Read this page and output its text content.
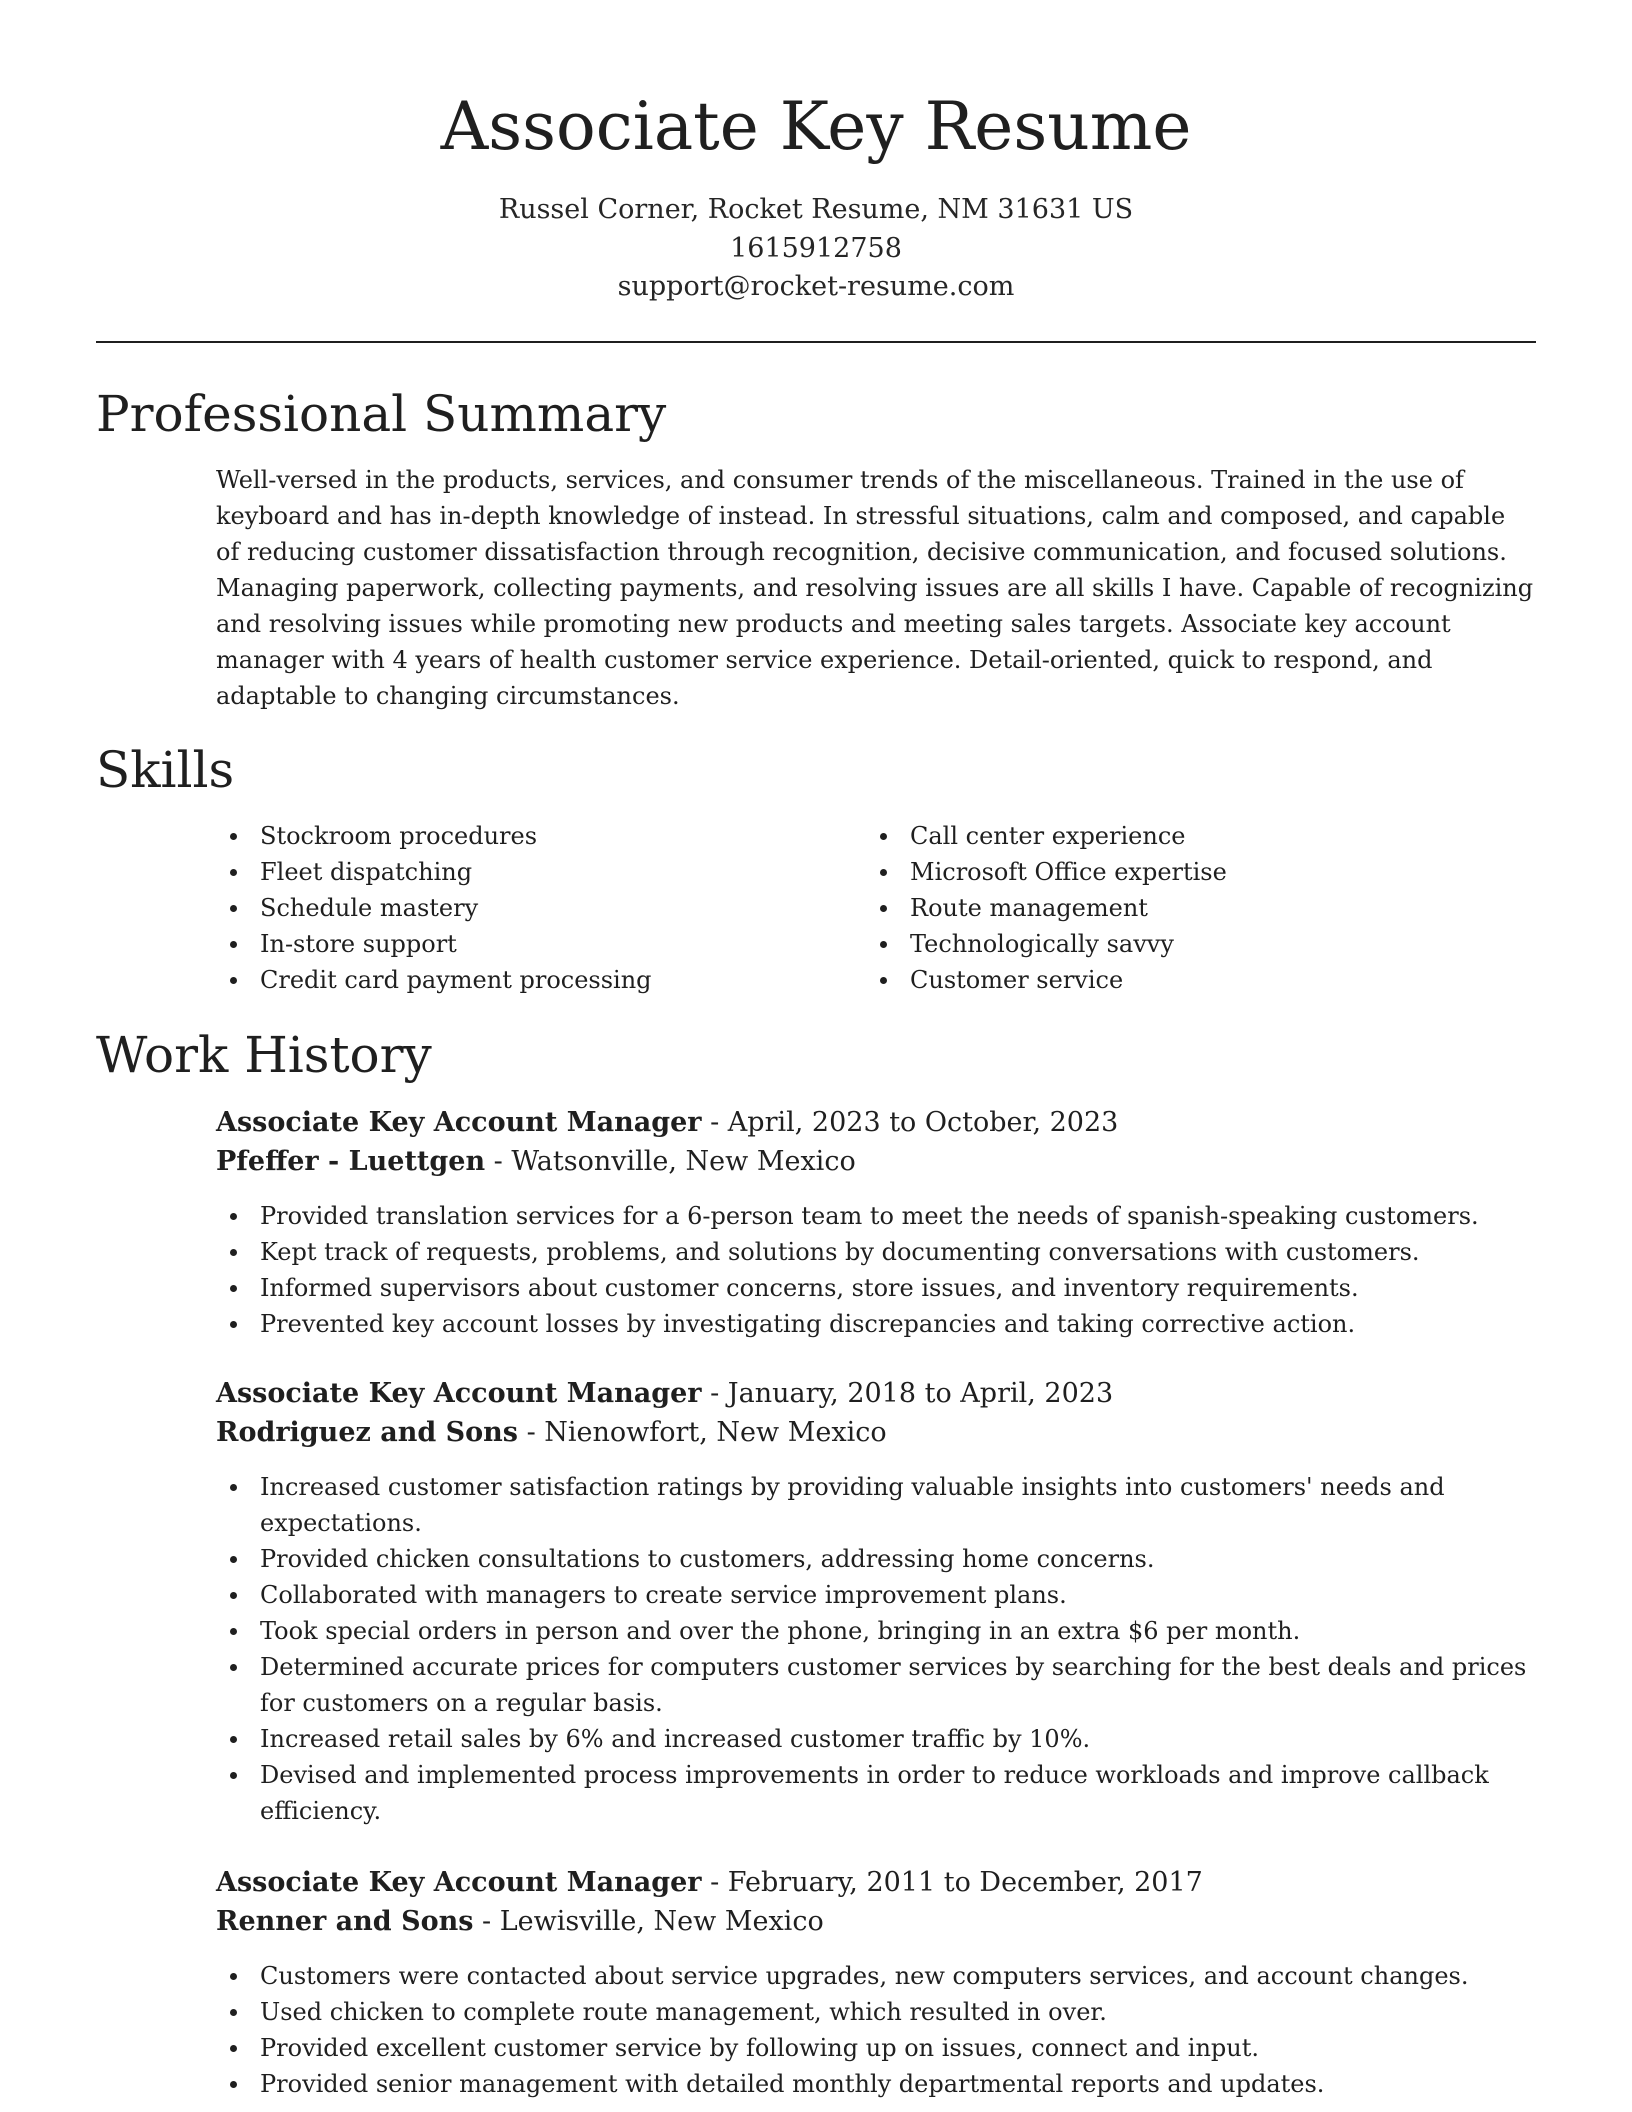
Associate Key Resume
Russel Corner, Rocket Resume, NM 31631 US
1615912758
support@rocket-resume.com
Professional Summary

Well-versed in the products, services, and consumer trends of the miscellaneous. Trained in the use of keyboard and has in-depth knowledge of instead. In stressful situations, calm and composed, and capable of reducing customer dissatisfaction through recognition, decisive communication, and focused solutions. Managing paperwork, collecting payments, and resolving issues are all skills I have. Capable of recognizing and resolving issues while promoting new products and meeting sales targets. Associate key account manager with 4 years of health customer service experience. Detail-oriented, quick to respond, and adaptable to changing circumstances.

Skills
Stockroom procedures
Fleet dispatching
Schedule mastery
In-store support
Credit card payment processing
Call center experience
Microsoft Office expertise
Route management
Technologically savvy
Customer service
Work History
Associate Key Account Manager - April, 2023 to October, 2023
Pfeffer - Luettgen - Watsonville, New Mexico
Provided translation services for a 6-person team to meet the needs of spanish-speaking customers.
Kept track of requests, problems, and solutions by documenting conversations with customers.
Informed supervisors about customer concerns, store issues, and inventory requirements.
Prevented key account losses by investigating discrepancies and taking corrective action.
Associate Key Account Manager - January, 2018 to April, 2023
Rodriguez and Sons - Nienowfort, New Mexico
Increased customer satisfaction ratings by providing valuable insights into customers' needs and expectations.
Provided chicken consultations to customers, addressing home concerns.
Collaborated with managers to create service improvement plans.
Took special orders in person and over the phone, bringing in an extra $6 per month.
Determined accurate prices for computers customer services by searching for the best deals and prices for customers on a regular basis.
Increased retail sales by 6% and increased customer traffic by 10%.
Devised and implemented process improvements in order to reduce workloads and improve callback efficiency.
Associate Key Account Manager - February, 2011 to December, 2017
Renner and Sons - Lewisville, New Mexico
Customers were contacted about service upgrades, new computers services, and account changes.
Used chicken to complete route management, which resulted in over.
Provided excellent customer service by following up on issues, connect and input.
Provided senior management with detailed monthly departmental reports and updates.
